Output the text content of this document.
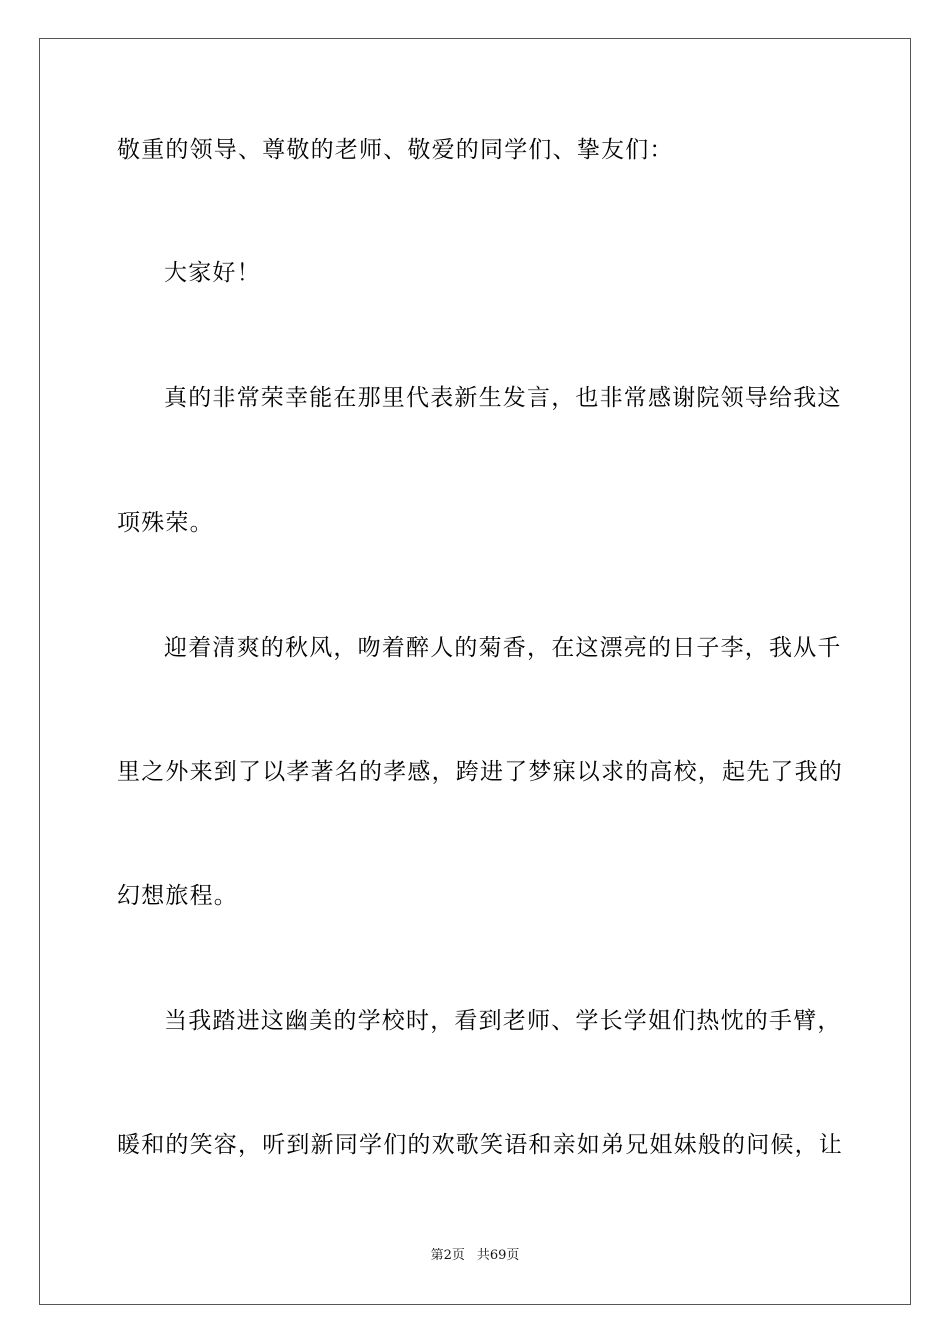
敬重的领导、尊敬的老师、敬爱的同学们、挚友们：
大家好！
真的非常荣幸能在那里代表新生发言，也非常感谢院领导给我这
项殊荣。
迎着清爽的秋风，吻着醉人的菊香，在这漂亮的日子李，我从千
里之外来到了以孝著名的孝感，跨进了梦寐以求的高校，起先了我的
幻想旅程。
当我踏进这幽美的学校时，看到老师、学长学姐们热忱的手臂，
暖和的笑容，听到新同学们的欢歌笑语和亲如弟兄姐妹般的问候，让
第2页 共69页
